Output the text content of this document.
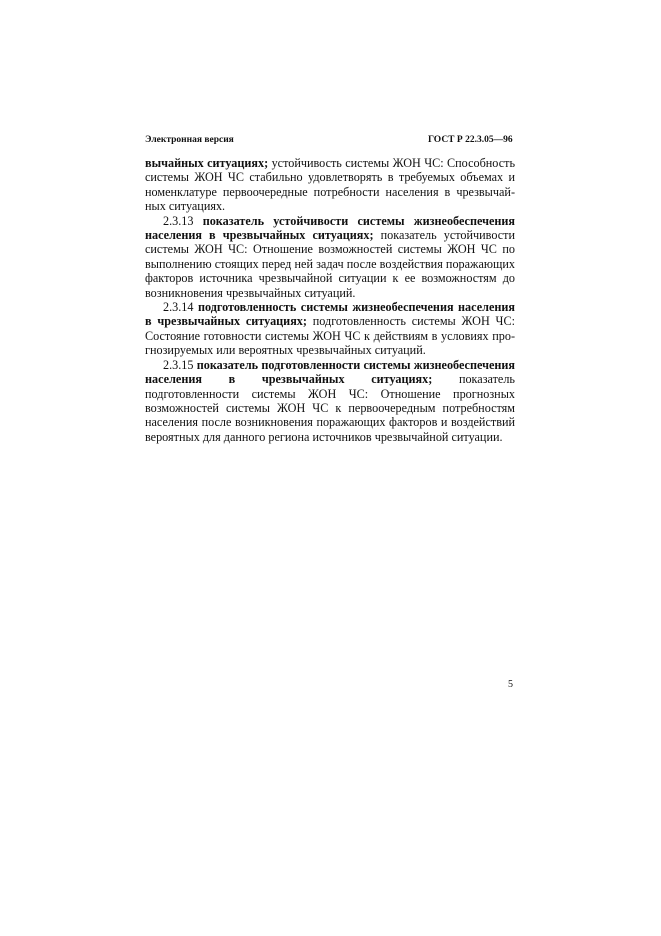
Электронная версия	ГОСТ Р 22.3.05—96

вычайных ситуациях; устойчивость системы ЖОН ЧС: Способность системы ЖОН ЧС стабильно удовлетворять в требуемых объемах и номенклатуре первоочередные потребности населения в чрезвычайных ситуациях.

2.3.13 показатель устойчивости системы жизнеобеспечения населения в чрезвычайных ситуациях; показатель устойчивости системы ЖОН ЧС: Отношение возможностей системы ЖОН ЧС по выполнению стоящих перед ней задач после воздействия поражающих факторов источника чрезвычайной ситуации к ее возможностям до возникновения чрезвычайных ситуаций.

2.3.14 подготовленность системы жизнеобеспечения населения в чрезвычайных ситуациях; подготовленность системы ЖОН ЧС: Состояние готовности системы ЖОН ЧС к действиям в условиях прогнозируемых или вероятных чрезвычайных ситуаций.

2.3.15 показатель подготовленности системы жизнеобеспечения населения в чрезвычайных ситуациях; показатель подготовленности системы ЖОН ЧС: Отношение прогнозных возможностей системы ЖОН ЧС к первоочередным потребностям населения после возникновения поражающих факторов и воздействий вероятных для данного региона источников чрезвычайной ситуации.

5
